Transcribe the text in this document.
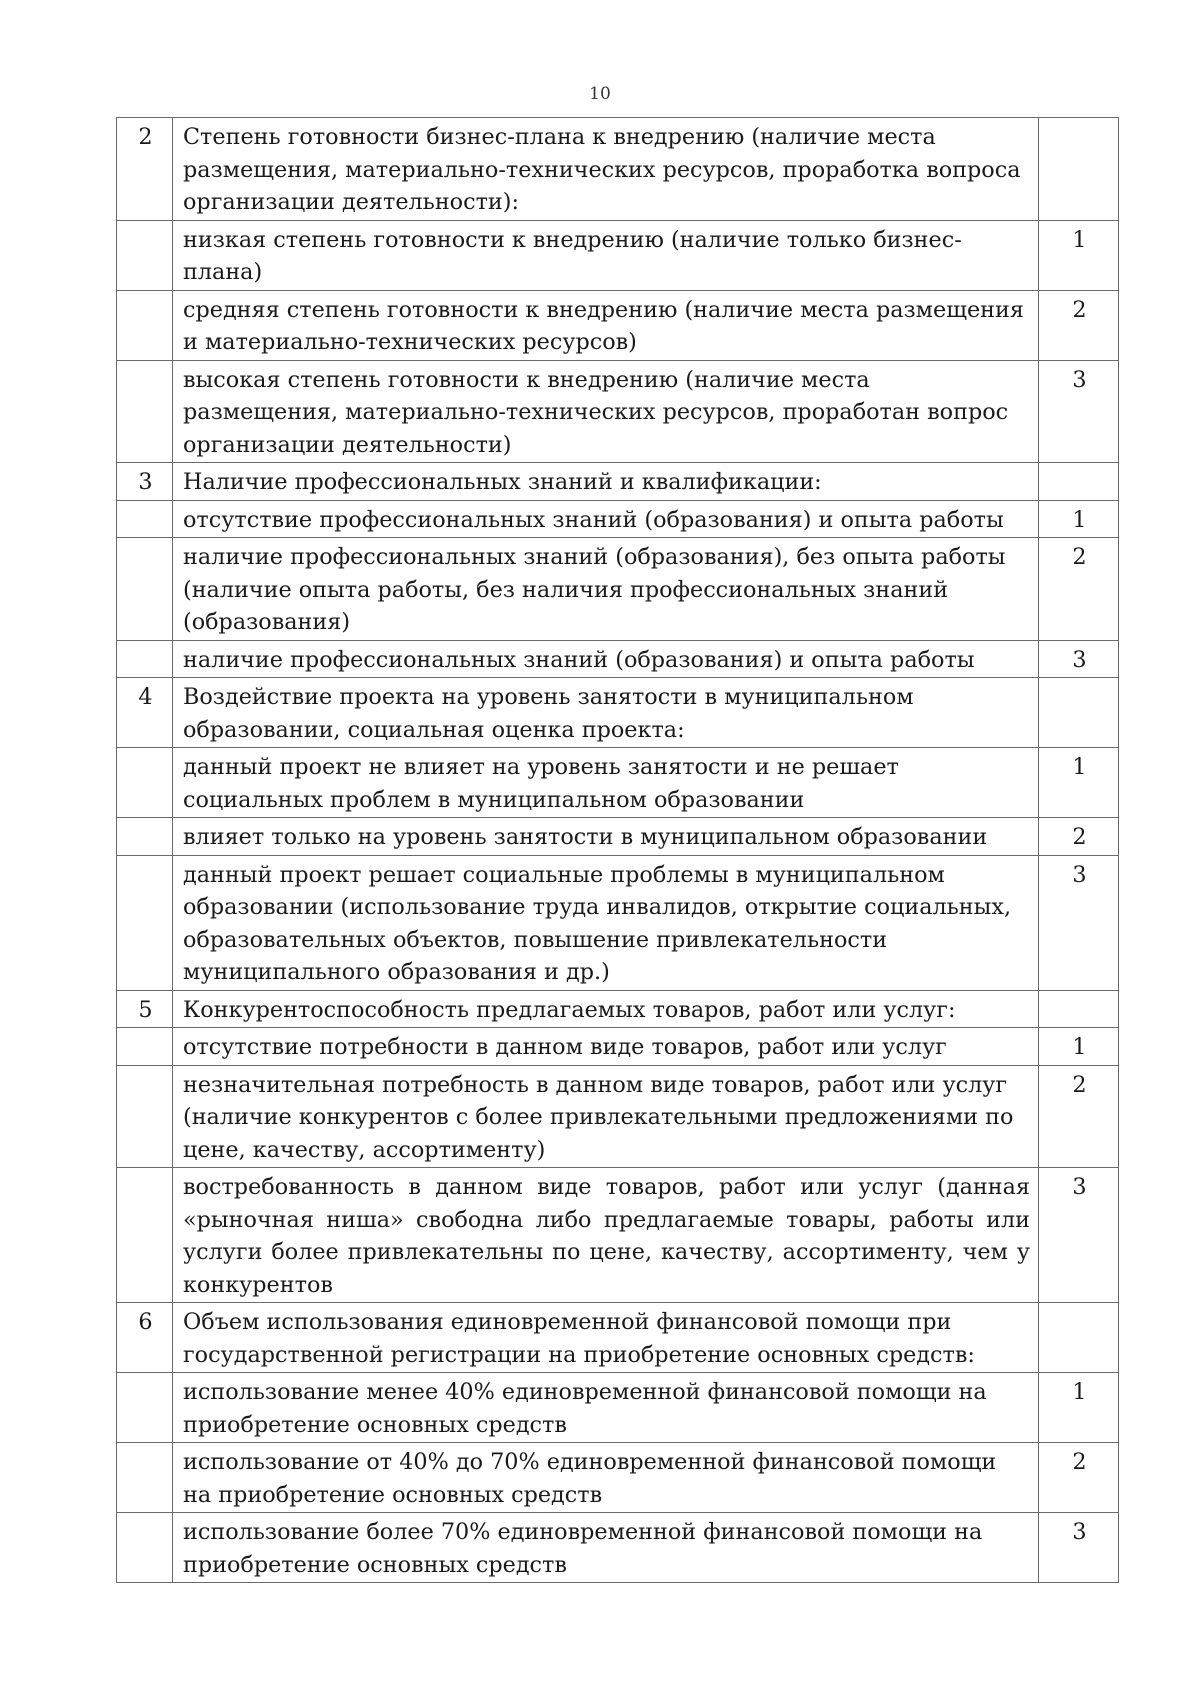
10
2	Степень готовности бизнес-плана к внедрению (наличие места размещения, материально-технических ресурсов, проработка вопроса организации деятельности):	
	низкая степень готовности к внедрению (наличие только бизнес-плана)	1
	средняя степень готовности к внедрению (наличие места размещения и материально-технических ресурсов)	2
	высокая степень готовности к внедрению (наличие места размещения, материально-технических ресурсов, проработан вопрос организации деятельности)	3
3	Наличие профессиональных знаний и квалификации:	
	отсутствие профессиональных знаний (образования) и опыта работы	1
	наличие профессиональных знаний (образования), без опыта работы (наличие опыта работы, без наличия профессиональных знаний (образования)	2
	наличие профессиональных знаний (образования) и опыта работы	3
4	Воздействие проекта на уровень занятости в муниципальном образовании, социальная оценка проекта:	
	данный проект не влияет на уровень занятости и не решает социальных проблем в муниципальном образовании	1
	влияет только на уровень занятости в муниципальном образовании	2
	данный проект решает социальные проблемы в муниципальном образовании (использование труда инвалидов, открытие социальных, образовательных объектов, повышение привлекательности муниципального образования и др.)	3
5	Конкурентоспособность предлагаемых товаров, работ или услуг:	
	отсутствие потребности в данном виде товаров, работ или услуг	1
	незначительная потребность в данном виде товаров, работ или услуг (наличие конкурентов с более привлекательными предложениями по цене, качеству, ассортименту)	2
	востребованность в данном виде товаров, работ или услуг (данная «рыночная ниша» свободна либо предлагаемые товары, работы или услуги более привлекательны по цене, качеству, ассортименту, чем у конкурентов	3
6	Объем использования единовременной финансовой помощи при государственной регистрации на приобретение основных средств:	
	использование менее 40% единовременной финансовой помощи на приобретение основных средств	1
	использование от 40% до 70% единовременной финансовой помощи на приобретение основных средств	2
	использование более 70% единовременной финансовой помощи на приобретение основных средств	3
